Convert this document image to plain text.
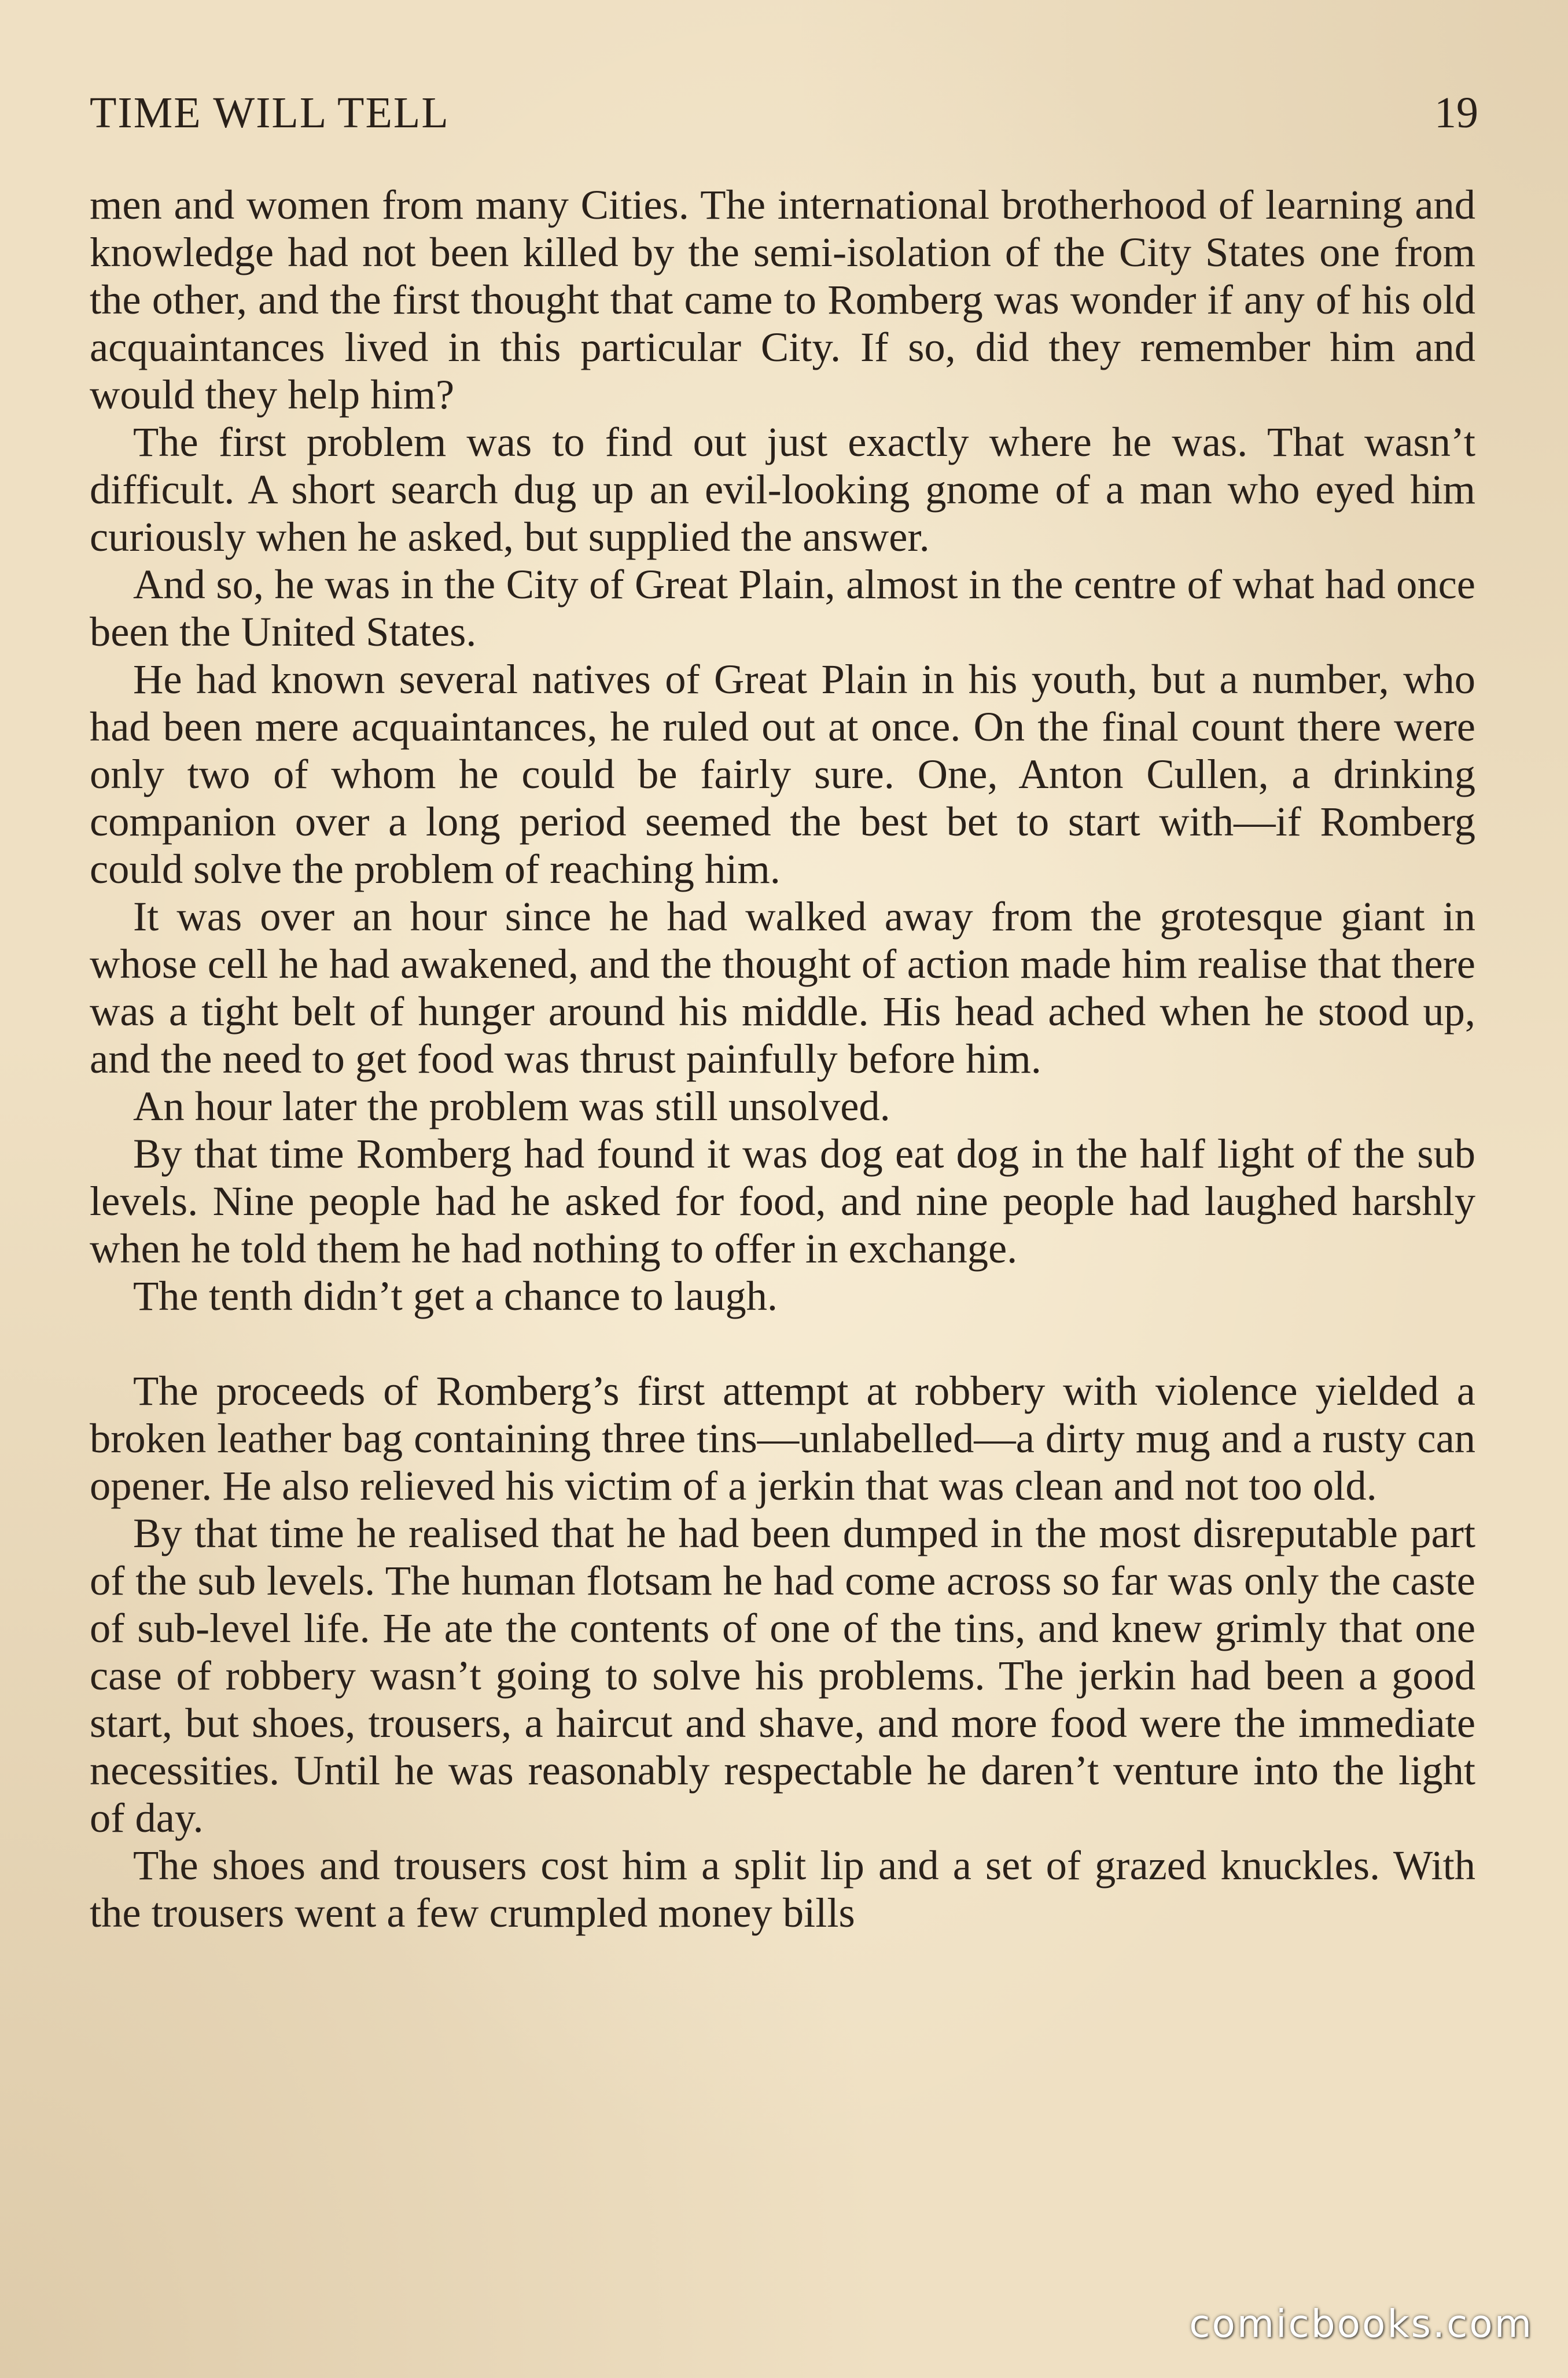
TIME WILL TELL	19

men and women from many Cities. The international brotherhood of learning and knowledge had not been killed by the semi-isolation of the City States one from the other, and the first thought that came to Romberg was wonder if any of his old acquaintances lived in this particular City. If so, did they remember him and would they help him?

The first problem was to find out just exactly where he was. That wasn’t difficult. A short search dug up an evil-looking gnome of a man who eyed him curiously when he asked, but supplied the answer.

And so, he was in the City of Great Plain, almost in the centre of what had once been the United States.

He had known several natives of Great Plain in his youth, but a number, who had been mere acquaintances, he ruled out at once. On the final count there were only two of whom he could be fairly sure. One, Anton Cullen, a drinking companion over a long period seemed the best bet to start with—if Romberg could solve the problem of reaching him.

It was over an hour since he had walked away from the grotesque giant in whose cell he had awakened, and the thought of action made him realise that there was a tight belt of hunger around his middle. His head ached when he stood up, and the need to get food was thrust painfully before him.

An hour later the problem was still unsolved.

By that time Romberg had found it was dog eat dog in the half light of the sub levels. Nine people had he asked for food, and nine people had laughed harshly when he told them he had nothing to offer in exchange.

The tenth didn’t get a chance to laugh.

The proceeds of Romberg’s first attempt at robbery with violence yielded a broken leather bag containing three tins—unlabelled—a dirty mug and a rusty can opener. He also relieved his victim of a jerkin that was clean and not too old.

By that time he realised that he had been dumped in the most disreputable part of the sub levels. The human flotsam he had come across so far was only the caste of sub-level life. He ate the contents of one of the tins, and knew grimly that one case of robbery wasn’t going to solve his problems. The jerkin had been a good start, but shoes, trousers, a haircut and shave, and more food were the immediate necessities. Until he was reasonably respectable he daren’t venture into the light of day.

The shoes and trousers cost him a split lip and a set of grazed knuckles. With the trousers went a few crumpled money bills

comicbooks.com
